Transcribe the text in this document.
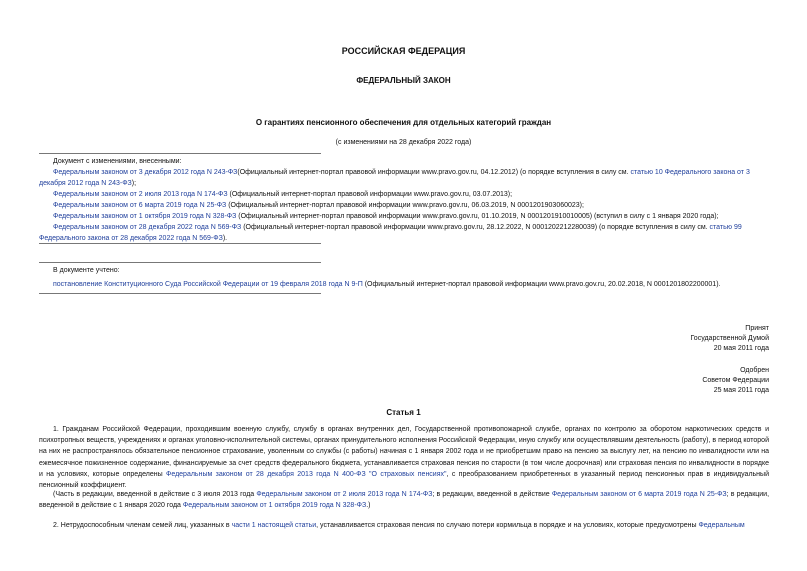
РОССИЙСКАЯ ФЕДЕРАЦИЯ

ФЕДЕРАЛЬНЫЙ ЗАКОН

О гарантиях пенсионного обеспечения для отдельных категорий граждан

(с изменениями на 28 декабря 2022 года)

Документ с изменениями, внесенными:
Федеральным законом от 3 декабря 2012 года N 243-ФЗ(Официальный интернет-портал правовой информации www.pravo.gov.ru, 04.12.2012) (о порядке вступления в силу см. статью 10 Федерального закона от 3 декабря 2012 года N 243-ФЗ);
Федеральным законом от 2 июля 2013 года N 174-ФЗ (Официальный интернет-портал правовой информации www.pravo.gov.ru, 03.07.2013);
Федеральным законом от 6 марта 2019 года N 25-ФЗ (Официальный интернет-портал правовой информации www.pravo.gov.ru, 06.03.2019, N 0001201903060023);
Федеральным законом от 1 октября 2019 года N 328-ФЗ (Официальный интернет-портал правовой информации www.pravo.gov.ru, 01.10.2019, N 0001201910010005) (вступил в силу с 1 января 2020 года);
Федеральным законом от 28 декабря 2022 года N 569-ФЗ (Официальный интернет-портал правовой информации www.pravo.gov.ru, 28.12.2022, N 0001202212280039) (о порядке вступления в силу см. статью 99 Федерального закона от 28 декабря 2022 года N 569-ФЗ).
В документе учтено:
постановление Конституционного Суда Российской Федерации от 19 февраля 2018 года N 9-П (Официальный интернет-портал правовой информации www.pravo.gov.ru, 20.02.2018, N 0001201802200001).
Принят
Государственной Думой
20 мая 2011 года
Одобрен
Советом Федерации
25 мая 2011 года

Статья 1

1. Гражданам Российской Федерации, проходившим военную службу, службу в органах внутренних дел, Государственной противопожарной службе, органах по контролю за оборотом наркотических средств и психотропных веществ, учреждениях и органах уголовно-исполнительной системы, органах принудительного исполнения Российской Федерации, иную службу или осуществлявшим деятельность (работу), в период которой на них не распространялось обязательное пенсионное страхование, уволенным со службы (с работы) начиная с 1 января 2002 года и не приобретшим право на пенсию за выслугу лет, на пенсию по инвалидности или на ежемесячное пожизненное содержание, финансируемые за счет средств федерального бюджета, устанавливается страховая пенсия по старости (в том числе досрочная) или страховая пенсия по инвалидности в порядке и на условиях, которые определены Федеральным законом от 28 декабря 2013 года N 400-ФЗ "О страховых пенсиях", с преобразованием приобретенных в указанный период пенсионных прав в индивидуальный пенсионный коэффициент.
(Часть в редакции, введенной в действие с 3 июля 2013 года Федеральным законом от 2 июля 2013 года N 174-ФЗ; в редакции, введенной в действие Федеральным законом от 6 марта 2019 года N 25-ФЗ; в редакции, введенной в действие с 1 января 2020 года Федеральным законом от 1 октября 2019 года N 328-ФЗ.)
2. Нетрудоспособным членам семей лиц, указанных в части 1 настоящей статьи, устанавливается страховая пенсия по случаю потери кормильца в порядке и на условиях, которые предусмотрены Федеральным
